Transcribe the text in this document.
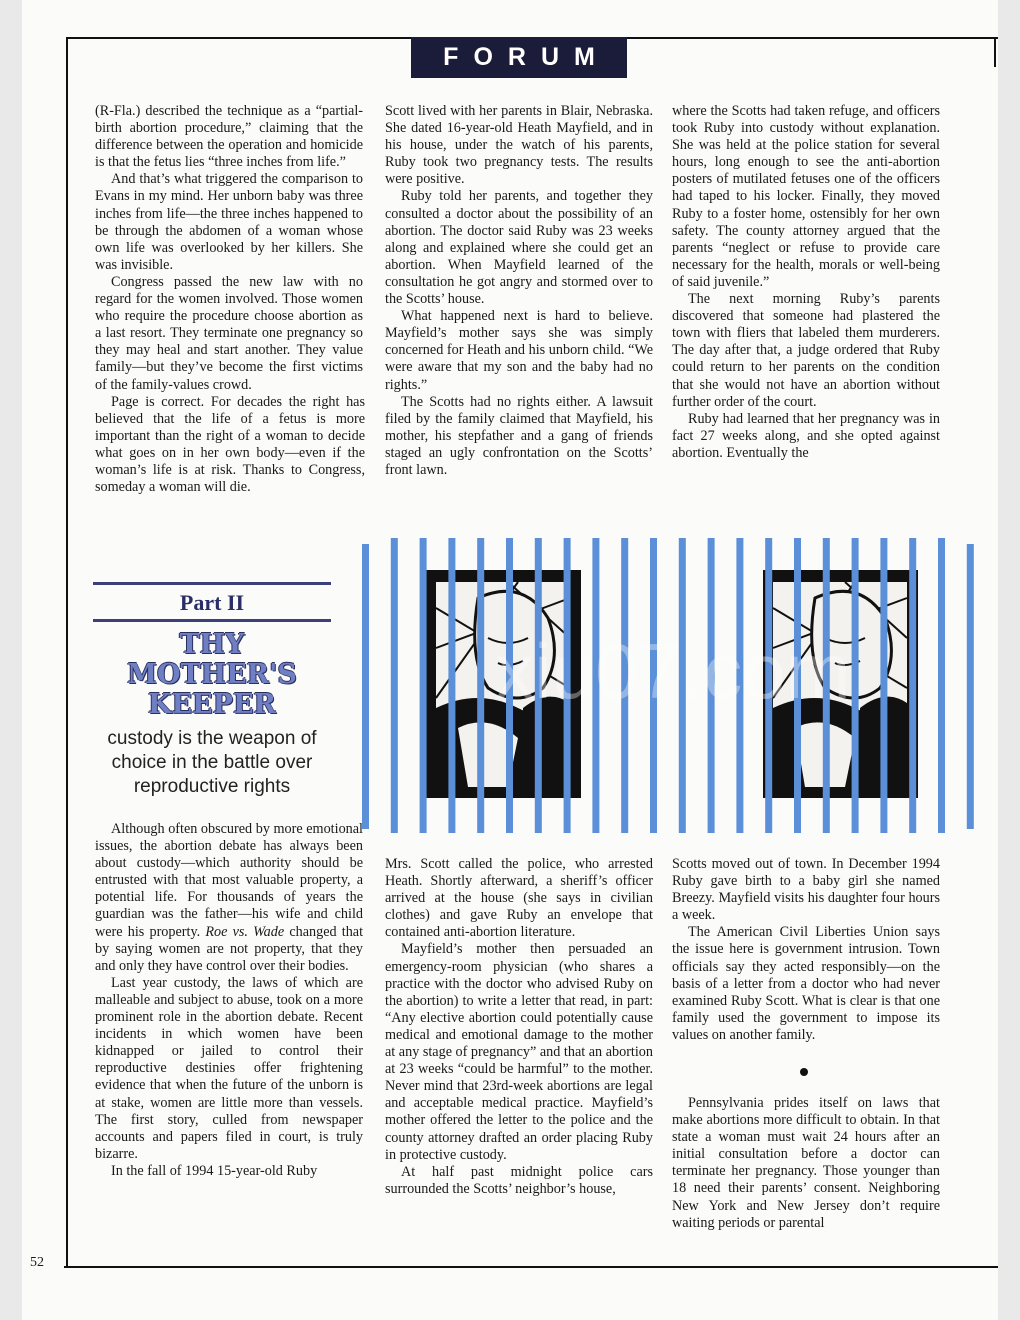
FORUM

(R-Fla.) described the technique as a “partial-birth abortion procedure,” claiming that the difference between the operation and homicide is that the fetus lies “three inches from life.”

And that’s what triggered the comparison to Evans in my mind. Her unborn baby was three inches from life—the three inches happened to be through the abdomen of a woman whose own life was overlooked by her killers. She was invisible.

Congress passed the new law with no regard for the women involved. Those women who require the procedure choose abortion as a last resort. They terminate one pregnancy so they may heal and start another. They value family—but they’ve become the first victims of the family-values crowd.

Page is correct. For decades the right has believed that the life of a fetus is more important than the right of a woman to decide what goes on in her own body—even if the woman’s life is at risk. Thanks to Congress, someday a woman will die.

Scott lived with her parents in Blair, Nebraska. She dated 16-year-old Heath Mayfield, and in his house, under the watch of his parents, Ruby took two pregnancy tests. The results were positive.

Ruby told her parents, and together they consulted a doctor about the possibility of an abortion. The doctor said Ruby was 23 weeks along and explained where she could get an abortion. When Mayfield learned of the consultation he got angry and stormed over to the Scotts’ house.

What happened next is hard to believe. Mayfield’s mother says she was simply concerned for Heath and his unborn child. “We were aware that my son and the baby had no rights.”

The Scotts had no rights either. A lawsuit filed by the family claimed that Mayfield, his mother, his stepfather and a gang of friends staged an ugly confrontation on the Scotts’ front lawn.

where the Scotts had taken refuge, and officers took Ruby into custody without explanation. She was held at the police station for several hours, long enough to see the anti-abortion posters of mutilated fetuses one of the officers had taped to his locker. Finally, they moved Ruby to a foster home, ostensibly for her own safety. The county attorney argued that the parents “neglect or refuse to provide care necessary for the health, morals or well-being of said juvenile.”

The next morning Ruby’s parents discovered that someone had plastered the town with fliers that labeled them murderers. The day after that, a judge ordered that Ruby could return to her parents on the condition that she would not have an abortion without further order of the court.

Ruby had learned that her pregnancy was in fact 27 weeks along, and she opted against abortion. Eventually the

Part II
THY
MOTHER'S
KEEPER
custody is the weapon of choice in the battle over reproductive rights
xiu07.com

Although often obscured by more emotional issues, the abortion debate has always been about custody—which authority should be entrusted with that most valuable property, a potential life. For thousands of years the guardian was the father—his wife and child were his property. Roe vs. Wade changed that by saying women are not property, that they and only they have control over their bodies.

Last year custody, the laws of which are malleable and subject to abuse, took on a more prominent role in the abortion debate. Recent incidents in which women have been kidnapped or jailed to control their reproductive destinies offer frightening evidence that when the future of the unborn is at stake, women are little more than vessels. The first story, culled from newspaper accounts and papers filed in court, is truly bizarre.

In the fall of 1994 15-year-old Ruby

Mrs. Scott called the police, who arrested Heath. Shortly afterward, a sheriff’s officer arrived at the house (she says in civilian clothes) and gave Ruby an envelope that contained anti-abortion literature.

Mayfield’s mother then persuaded an emergency-room physician (who shares a practice with the doctor who advised Ruby on the abortion) to write a letter that read, in part: “Any elective abortion could potentially cause medical and emotional damage to the mother at any stage of pregnancy” and that an abortion at 23 weeks “could be harmful” to the mother. Never mind that 23rd-week abortions are legal and acceptable medical practice. Mayfield’s mother offered the letter to the police and the county attorney drafted an order placing Ruby in protective custody.

At half past midnight police cars surrounded the Scotts’ neighbor’s house,

Scotts moved out of town. In December 1994 Ruby gave birth to a baby girl she named Breezy. Mayfield visits his daughter four hours a week.

The American Civil Liberties Union says the issue here is government intrusion. Town officials say they acted responsibly—on the basis of a letter from a doctor who had never examined Ruby Scott. What is clear is that one family used the government to impose its values on another family.

Pennsylvania prides itself on laws that make abortions more difficult to obtain. In that state a woman must wait 24 hours after an initial consultation before a doctor can terminate her pregnancy. Those younger than 18 need their parents’ consent. Neighboring New York and New Jersey don’t require waiting periods or parental

52
